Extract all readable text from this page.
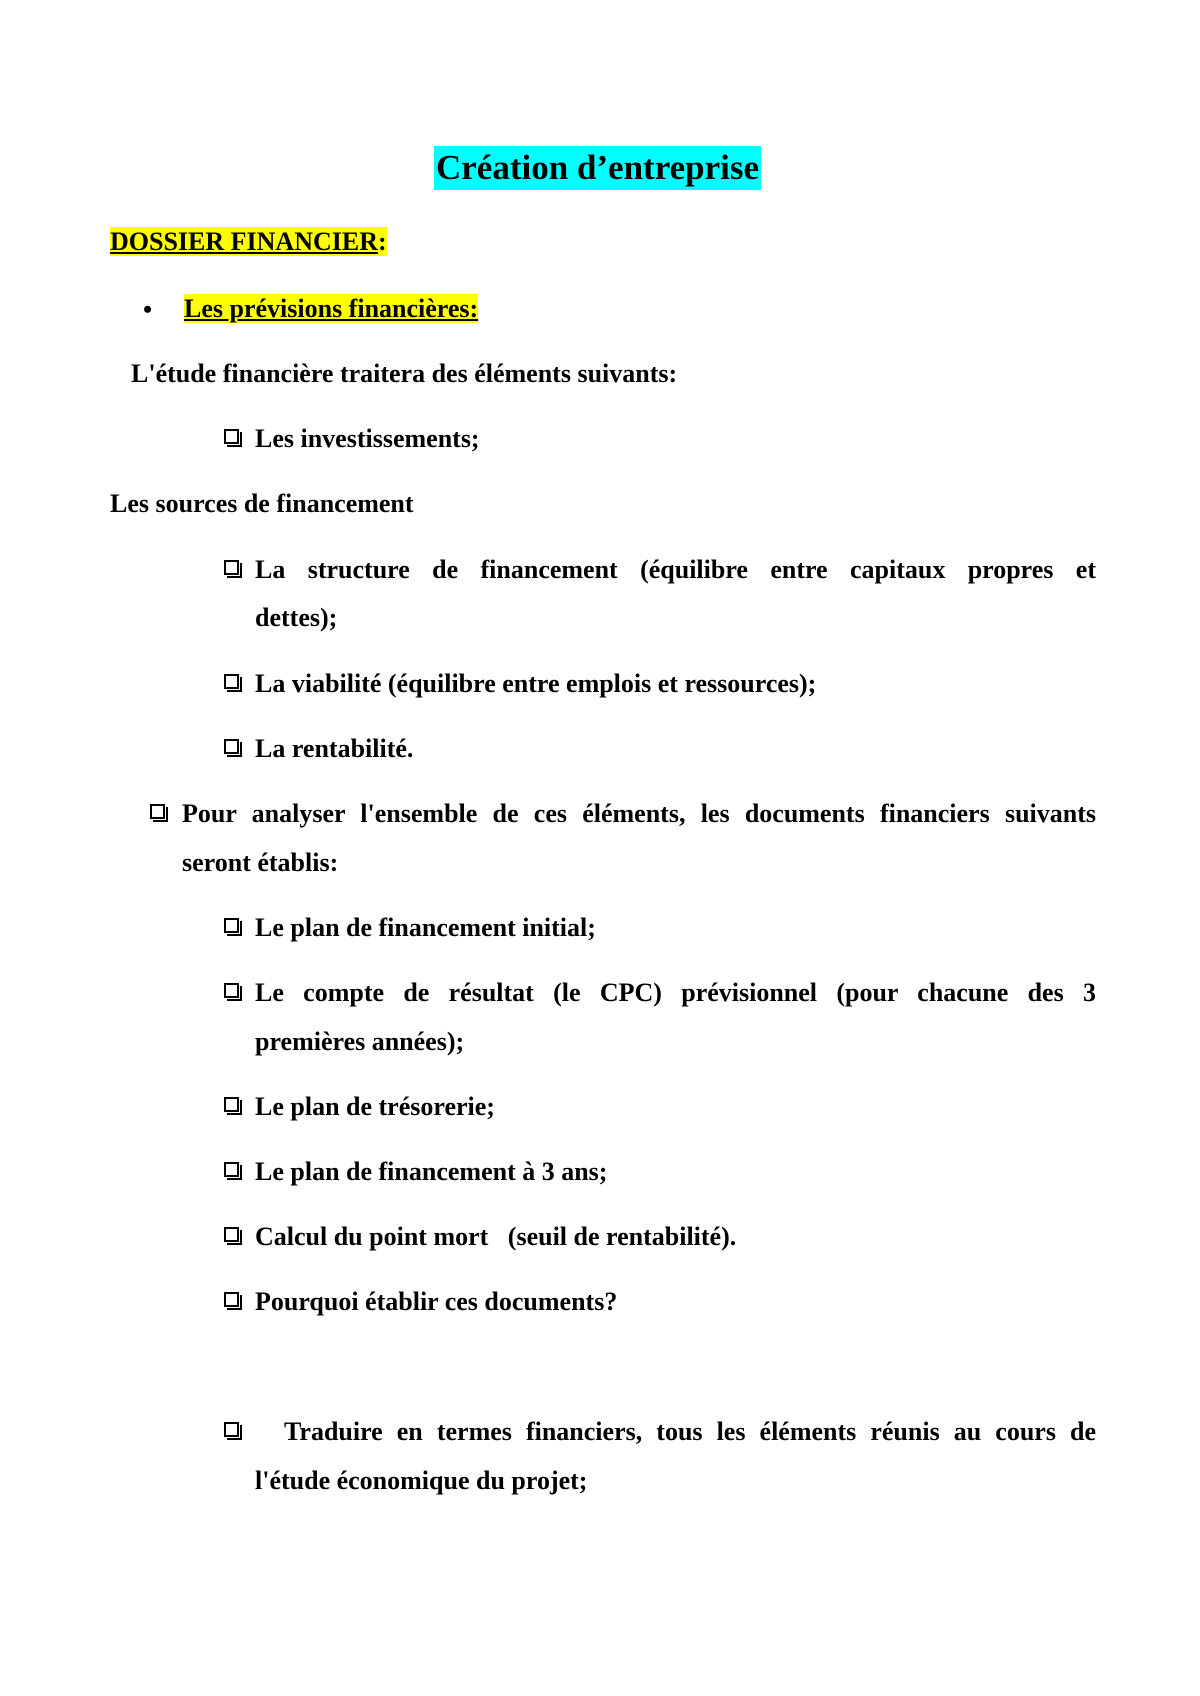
Création d’entreprise
DOSSIER FINANCIER:
• Les prévisions financières:
L'étude financière traitera des éléments suivants:
Les investissements;
Les sources de financement
La structure de financement (équilibre entre capitaux propres et
dettes);
La viabilité (équilibre entre emplois et ressources);
La rentabilité.
Pour analyser l'ensemble de ces éléments, les documents financiers suivants
seront établis:
Le plan de financement initial;
Le compte de résultat (le CPC) prévisionnel (pour chacune des 3
premières années);
Le plan de trésorerie;
Le plan de financement à 3 ans;
Calcul du point mort   (seuil de rentabilité).
Pourquoi établir ces documents?
Traduire en termes financiers, tous les éléments réunis au cours de
l'étude économique du projet;
